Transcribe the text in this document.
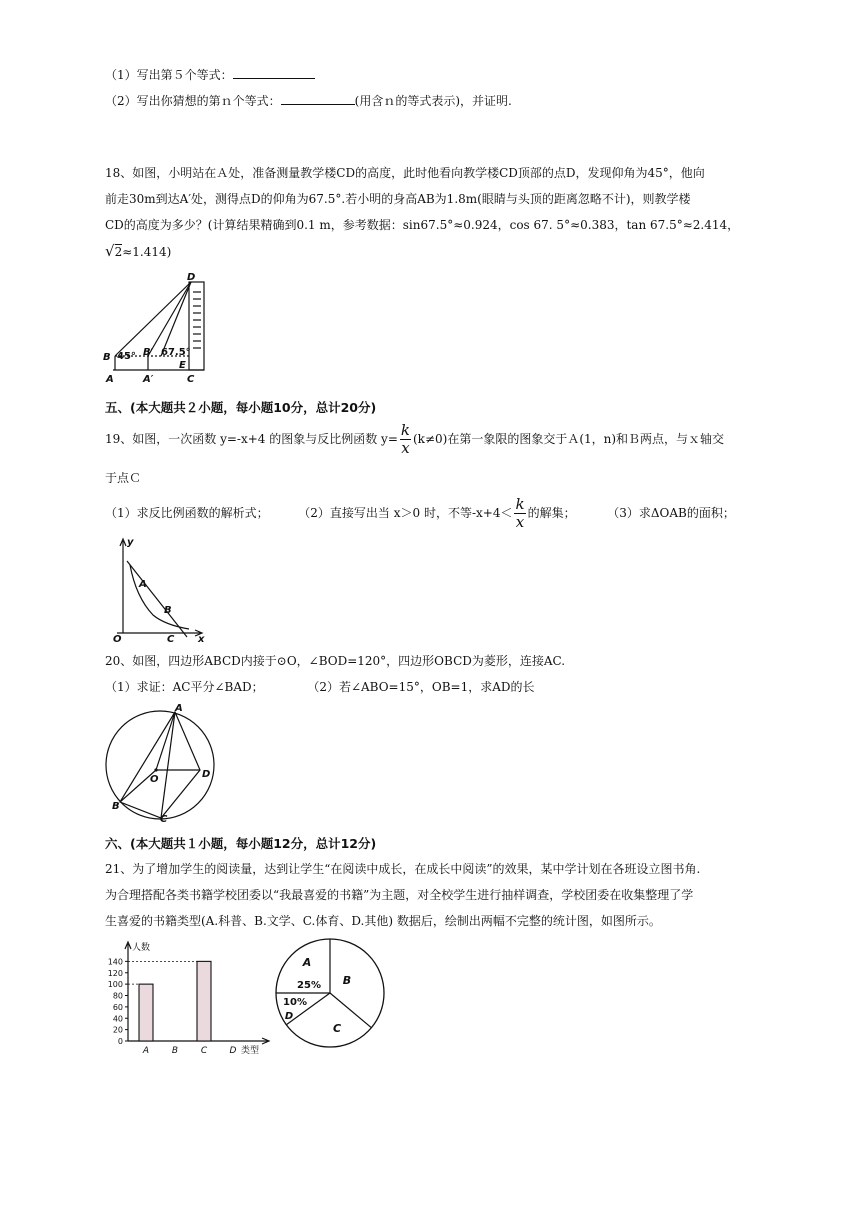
（1）写出第５个等式：
（2）写出你猜想的第ｎ个等式：	(用含ｎ的等式表示)，并证明.
18、如图，小明站在Ａ处，准备测量教学楼CD的高度，此时他看向教学楼CD顶部的点D，发现仰角为45°，他向
前走30m到达A′处，测得点D的仰角为67.5°.若小明的身高AB为1.8m(眼睛与头顶的距离忽略不计)，则教学楼
CD的高度为多少？(计算结果精确到0.1 m，参考数据：sin67.5°≈0.924，cos 67. 5°≈0.383，tan 67.5°≈2.414，
√2≈1.414)
D
B 45° B′ 67.5°
E
A	A′	C
五、(本大题共２小题，每小题10分，总计20分)
19、如图，一次函数 y=-x+4 的图象与反比例函数 $y= \frac{k}{x} (k\ne 0)$在第一象限的图象交于Ａ(1，n)和Ｂ两点，与ｘ轴交
于点Ｃ
（1）求反比例函数的解析式； （2）直接写出当 x＞0 时，不等$-x+4< \frac{k}{x}$ 的解集；	（3）求ΔOAB的面积；
y
A
B
O	C x
20、如图，四边形ABCD内接于⊙O，∠BOD=120°，四边形OBCD为菱形，连接AC.
（1）求证：AC平分∠BAD；	（2）若∠ABO=15°，OB=1，求AD的长
A
O	D
B
C
六、(本大题共１小题，每小题12分，总计12分)
21、为了增加学生的阅读量，达到让学生“在阅读中成长，在成长中阅读”的效果，某中学计划在各班设立图书角.
为合理搭配各类书籍学校团委以“我最喜爱的书籍”为主题，对全校学生进行抽样调查，学校团委在收集整理了学
生喜爱的书籍类型(A.科普、B.文学、C.体育、D.其他) 数据后，绘制出两幅不完整的统计图，如图所示。
0
20
40
60
80
100
120
140
人数
A	B	C D 类型
A
25% B
10%
D
C
